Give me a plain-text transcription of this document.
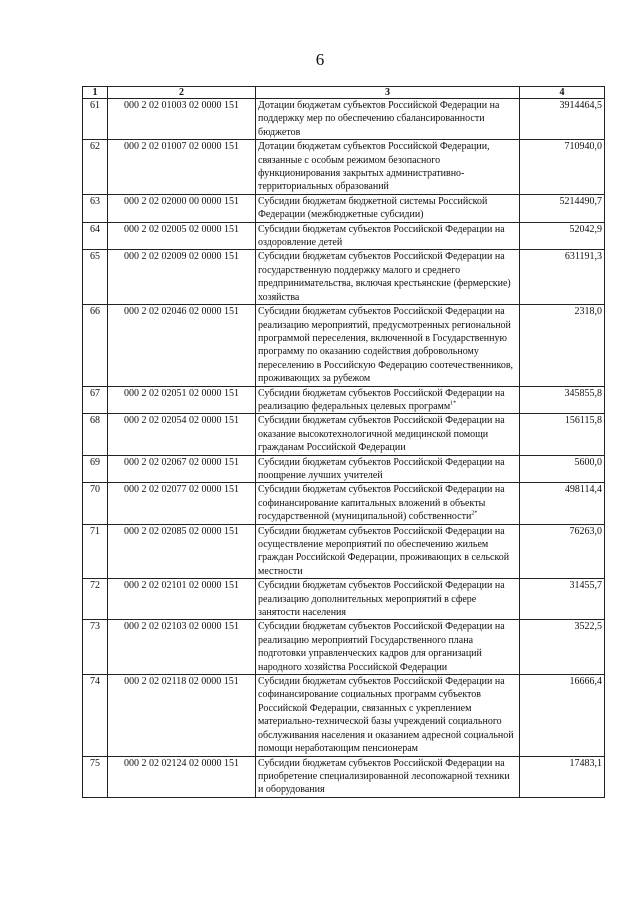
6
1	2	3	4
61	000 2 02 01003 02 0000 151	Дотации бюджетам субъектов Российской Федерации на поддержку мер по обеспечению сбалансированности бюджетов	3914464,5
62	000 2 02 01007 02 0000 151	Дотации бюджетам субъектов Российской Федерации, связанные с особым режимом безопасного функционирования закрытых административно-территориальных образований	710940,0
63	000 2 02 02000 00 0000 151	Субсидии бюджетам бюджетной системы Российской Федерации (межбюджетные субсидии)	5214490,7
64	000 2 02 02005 02 0000 151	Субсидии бюджетам субъектов Российской Федерации на оздоровление детей	52042,9
65	000 2 02 02009 02 0000 151	Субсидии бюджетам субъектов Российской Федерации на государственную поддержку малого и среднего предпринимательства, включая крестьянские (фермерские) хозяйства	631191,3
66	000 2 02 02046 02 0000 151	Субсидии бюджетам субъектов Российской Федерации на реализацию мероприятий, предусмотренных региональной программой переселения, включенной в Государственную программу по оказанию содействия добровольному переселению в Российскую Федерацию соотечественников, проживающих за рубежом	2318,0
67	000 2 02 02051 02 0000 151	Субсидии бюджетам субъектов Российской Федерации на реализацию федеральных целевых программ$^{1*}$	345855,8
68	000 2 02 02054 02 0000 151	Субсидии бюджетам субъектов Российской Федерации на оказание высокотехнологичной медицинской помощи гражданам Российской Федерации	156115,8
69	000 2 02 02067 02 0000 151	Субсидии бюджетам субъектов Российской Федерации на поощрение лучших учителей	5600,0
70	000 2 02 02077 02 0000 151	Субсидии бюджетам субъектов Российской Федерации на софинансирование капитальных вложений в объекты государственной (муниципальной) собственности$^{2*}$	498114,4
71	000 2 02 02085 02 0000 151	Субсидии бюджетам субъектов Российской Федерации на осуществление мероприятий по обеспечению жильем граждан Российской Федерации, проживающих в сельской местности	76263,0
72	000 2 02 02101 02 0000 151	Субсидии бюджетам субъектов Российской Федерации на реализацию дополнительных мероприятий в сфере занятости населения	31455,7
73	000 2 02 02103 02 0000 151	Субсидии бюджетам субъектов Российской Федерации на реализацию мероприятий Государственного плана подготовки управленческих кадров для организаций народного хозяйства Российской Федерации	3522,5
74	000 2 02 02118 02 0000 151	Субсидии бюджетам субъектов Российской Федерации на софинансирование социальных программ субъектов Российской Федерации, связанных с укреплением материально-технической базы учреждений социального обслуживания населения и оказанием адресной социальной помощи неработающим пенсионерам	16666,4
75	000 2 02 02124 02 0000 151	Субсидии бюджетам субъектов Российской Федерации на приобретение специализированной лесопожарной техники и оборудования	17483,1
